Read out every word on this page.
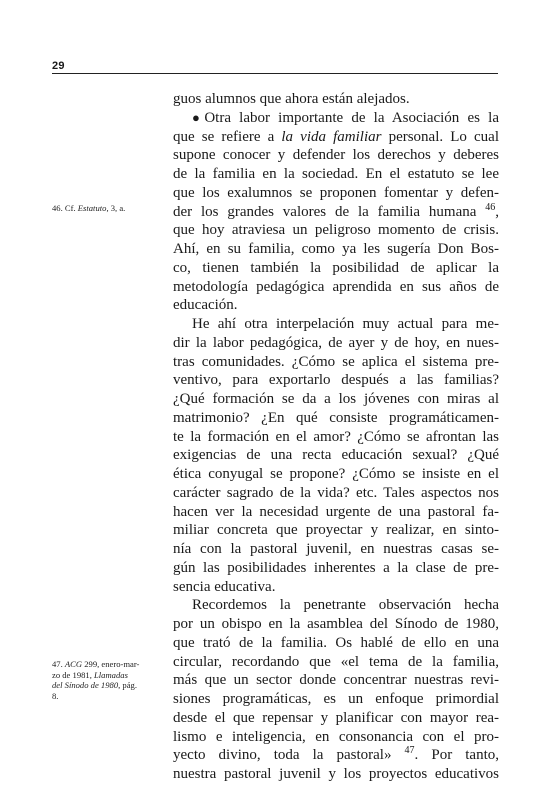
29
46. Cf. Estatuto, 3, a.
47. ACG 299, enero-mar-
zo de 1981, Llamadas
del Sínodo de 1980, pág.
8.
guos alumnos que ahora están alejados.
● Otra labor importante de la Asociación es la
que se refiere a la vida familiar personal. Lo cual
supone conocer y defender los derechos y deberes
de la familia en la sociedad. En el estatuto se lee
que los exalumnos se proponen fomentar y defen-
der los grandes valores de la familia humana $^{46}$,
que hoy atraviesa un peligroso momento de crisis.
Ahí, en su familia, como ya les sugería Don Bos-
co, tienen también la posibilidad de aplicar la
metodología pedagógica aprendida en sus años de
educación.
He ahí otra interpelación muy actual para me-
dir la labor pedagógica, de ayer y de hoy, en nues-
tras comunidades. ¿Cómo se aplica el sistema pre-
ventivo, para exportarlo después a las familias?
¿Qué formación se da a los jóvenes con miras al
matrimonio? ¿En qué consiste programáticamen-
te la formación en el amor? ¿Cómo se afrontan las
exigencias de una recta educación sexual? ¿Qué
ética conyugal se propone? ¿Cómo se insiste en el
carácter sagrado de la vida? etc. Tales aspectos nos
hacen ver la necesidad urgente de una pastoral fa-
miliar concreta que proyectar y realizar, en sinto-
nía con la pastoral juvenil, en nuestras casas se-
gún las posibilidades inherentes a la clase de pre-
sencia educativa.
Recordemos la penetrante observación hecha
por un obispo en la asamblea del Sínodo de 1980,
que trató de la familia. Os hablé de ello en una
circular, recordando que «el tema de la familia,
más que un sector donde concentrar nuestras revi-
siones programáticas, es un enfoque primordial
desde el que repensar y planificar con mayor rea-
lismo e inteligencia, en consonancia con el pro-
yecto divino, toda la pastoral» $^{47}$. Por tanto,
nuestra pastoral juvenil y los proyectos educativos
